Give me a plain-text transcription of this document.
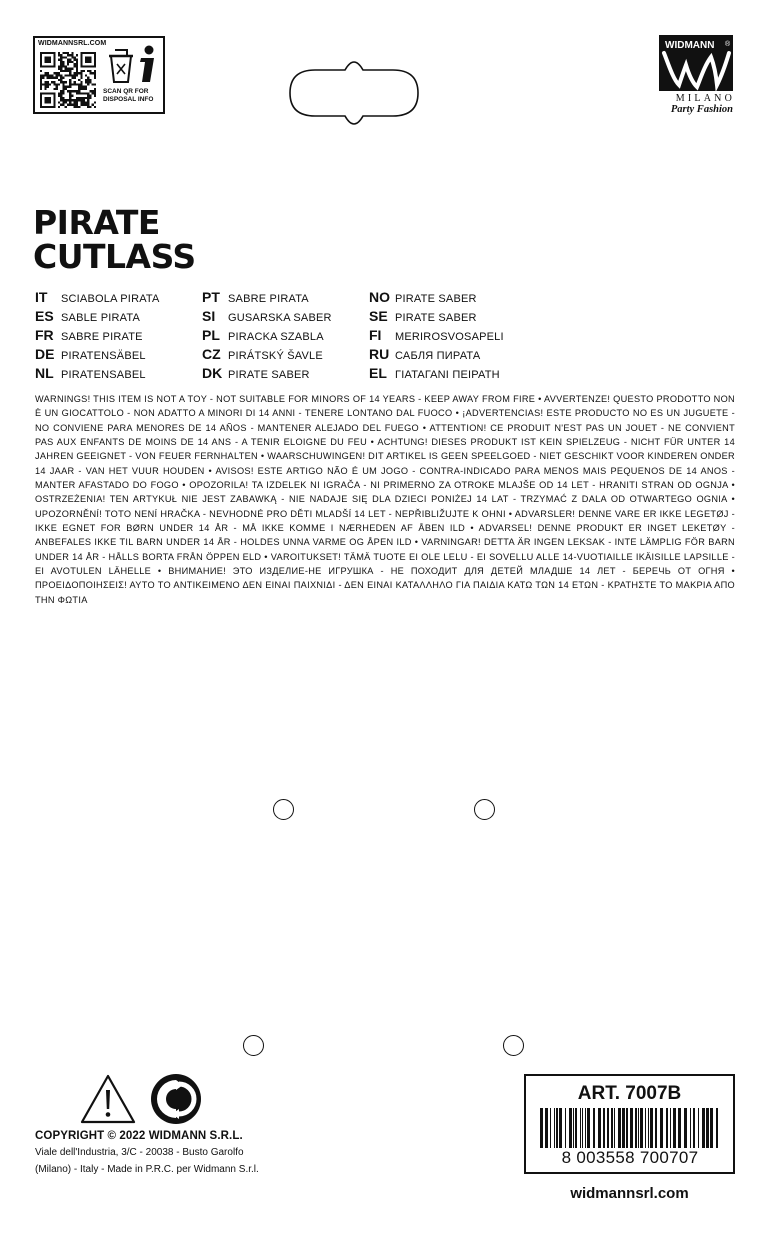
WIDMANNSRL.COM
SCAN QR FOR
DISPOSAL INFO
WIDMANN ®
MILANO
Party Fashion
PIRATE
CUTLASS
IT SCIABOLA PIRATA
ES SABLE PIRATA
FR SABRE PIRATE
DE PIRATENSÄBEL
NL PIRATENSABEL
PT SABRE PIRATA
SI GUSARSKA SABER
PL PIRACKA SZABLA
CZ PIRÁTSKÝ ŠAVLE
DK PIRATE SABER
NO PIRATE SABER
SE PIRATE SABER
FI MERIROSVOSAPELI
RU САБЛЯ ПИРАТА
EL ΓΙΑΤΑΓΑΝΙ ΠΕΙΡΑΤΗ

WARNINGS! THIS ITEM IS NOT A TOY - NOT SUITABLE FOR MINORS OF 14 YEARS - KEEP AWAY FROM FIRE • AVVERTENZE! QUESTO PRODOTTO NON È UN GIOCATTOLO - NON ADATTO A MINORI DI 14 ANNI - TENERE LONTANO DAL FUOCO • ¡ADVERTENCIAS! ESTE PRODUCTO NO ES UN JUGUETE - NO CONVIENE PARA MENORES DE 14 AÑOS - MANTENER ALEJADO DEL FUEGO • ATTENTION! CE PRODUIT N'EST PAS UN JOUET - NE CONVIENT PAS AUX ENFANTS DE MOINS DE 14 ANS - A TENIR ELOIGNE DU FEU • ACHTUNG! DIESES PRODUKT IST KEIN SPIELZEUG - NICHT FÜR UNTER 14 JAHREN GEEIGNET - VON FEUER FERNHALTEN • WAARSCHUWINGEN! DIT ARTIKEL IS GEEN SPEELGOED - NIET GESCHIKT VOOR KINDEREN ONDER 14 JAAR - VAN HET VUUR HOUDEN • AVISOS! ESTE ARTIGO NÃO É UM JOGO - CONTRA-INDICADO PARA MENOS MAIS PEQUENOS DE 14 ANOS - MANTER AFASTADO DO FOGO • OPOZORILA! TA IZDELEK NI IGRAČA - NI PRIMERNO ZA OTROKE MLAJŠE OD 14 LET - HRANITI STRAN OD OGNJA • OSTRZEŻENIA! TEN ARTYKUŁ NIE JEST ZABAWKĄ - NIE NADAJE SIĘ DLA DZIECI PONIŻEJ 14 LAT - TRZYMAĆ Z DALA OD OTWARTEGO OGNIA • UPOZORNĚNÍ! TOTO NENÍ HRAČKA - NEVHODNÉ PRO DĚTI MLADŠÍ 14 LET - NEPŘIBLIŽUJTE K OHNI • ADVARSLER! DENNE VARE ER IKKE LEGETØJ - IKKE EGNET FOR BØRN UNDER 14 ÅR - MÅ IKKE KOMME I NÆRHEDEN AF ÅBEN ILD • ADVARSEL! DENNE PRODUKT ER INGET LEKETØY - ANBEFALES IKKE TIL BARN UNDER 14 ÅR - HOLDES UNNA VARME OG ÅPEN ILD • VARNINGAR! DETTA ÄR INGEN LEKSAK - INTE LÄMPLIG FÖR BARN UNDER 14 ÅR - HÅLLS BORTA FRÅN ÖPPEN ELD • VAROITUKSET! TÄMÄ TUOTE EI OLE LELU - EI SOVELLU ALLE 14-VUOTIAILLE IKÄISILLE LAPSILLE - EI AVOTULEN LÄHELLE • ВНИМАНИЕ! ЭТО ИЗДЕЛИЕ-НЕ ИГРУШКА - НЕ ПОХОДИТ ДЛЯ ДЕТЕЙ МЛАДШЕ 14 ЛЕТ - БЕРЕЧЬ ОТ ОГНЯ • ΠΡΟΕΙΔΟΠΟΙΗΣΕΙΣ! ΑΥΤΟ ΤΟ ΑΝΤΙΚΕΙΜΕΝΟ ΔΕΝ ΕΙΝΑΙ ΠΑΙΧΝΙΔΙ - ΔΕΝ ΕΙΝΑΙ ΚΑΤΑΛΛΗΛΟ ΓΙΑ ΠΑΙΔΙΑ ΚΑΤΩ ΤΩΝ 14 ΕΤΩΝ - ΚΡΑΤΗΣΤΕ ΤΟ ΜΑΚΡΙΑ ΑΠΟ ΤΗΝ ΦΩΤΙΑ

COPYRIGHT © 2022 WIDMANN S.R.L.
Viale dell'Industria, 3/C - 20038 - Busto Garolfo
(Milano) - Italy - Made in P.R.C. per Widmann S.r.l.
ART. 7007B
8 003558 700707
widmannsrl.com
